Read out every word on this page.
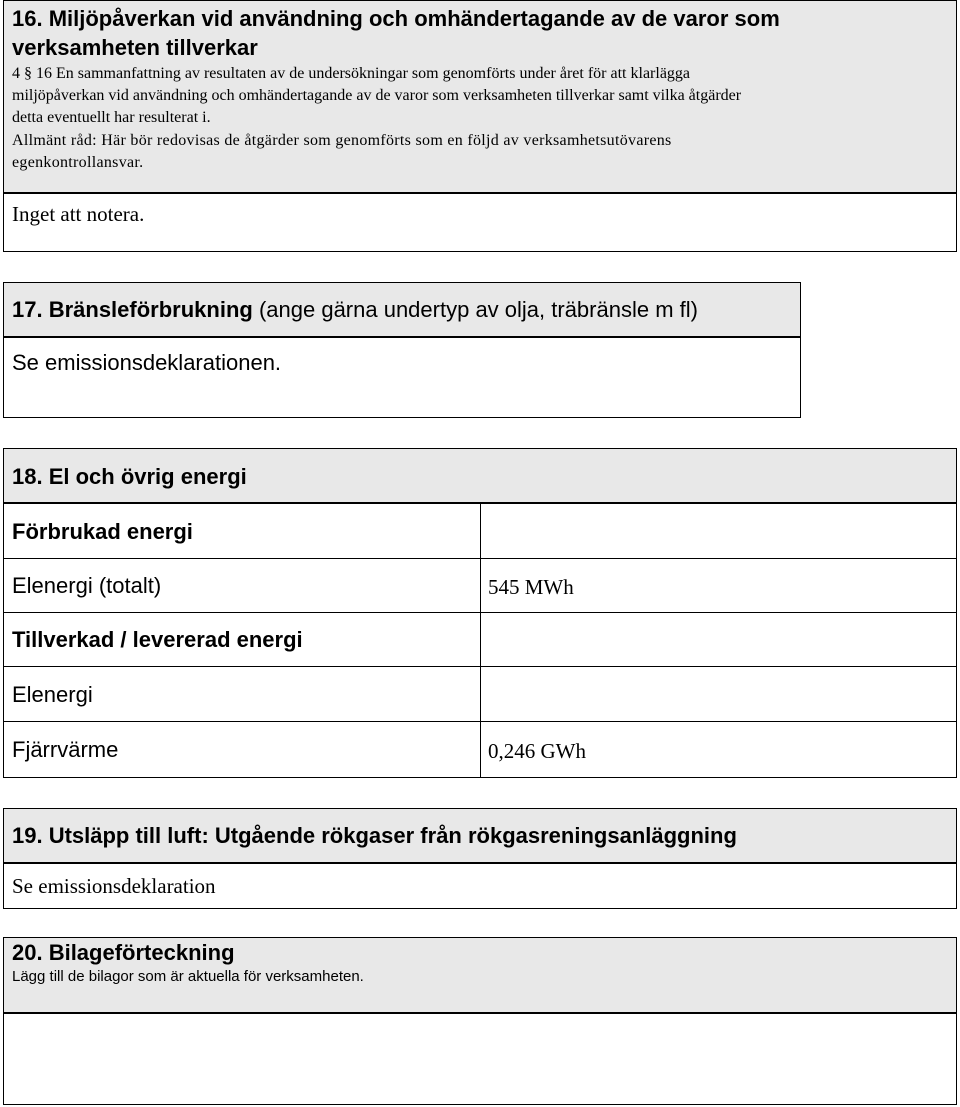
16. Miljöpåverkan vid användning och omhändertagande av de varor som

verksamheten tillverkar

4 § 16 En sammanfattning av resultaten av de undersökningar som genomförts under året för att klarlägga

miljöpåverkan vid användning och omhändertagande av de varor som verksamheten tillverkar samt vilka åtgärder

detta eventuellt har resulterat i.

Allmänt råd: Här bör redovisas de åtgärder som genomförts som en följd av verksamhetsutövarens

egenkontrollansvar.

Inget att notera.

17. Bränsleförbrukning (ange gärna undertyp av olja, träbränsle m fl)

Se emissionsdeklarationen.

18. El och övrig energi

Förbrukad energi

Elenergi (totalt)	545 MWh

Tillverkad / levererad energi

Elenergi

Fjärrvärme	0,246 GWh

19. Utsläpp till luft: Utgående rökgaser från rökgasreningsanläggning

Se emissionsdeklaration

20. Bilageförteckning

Lägg till de bilagor som är aktuella för verksamheten.
